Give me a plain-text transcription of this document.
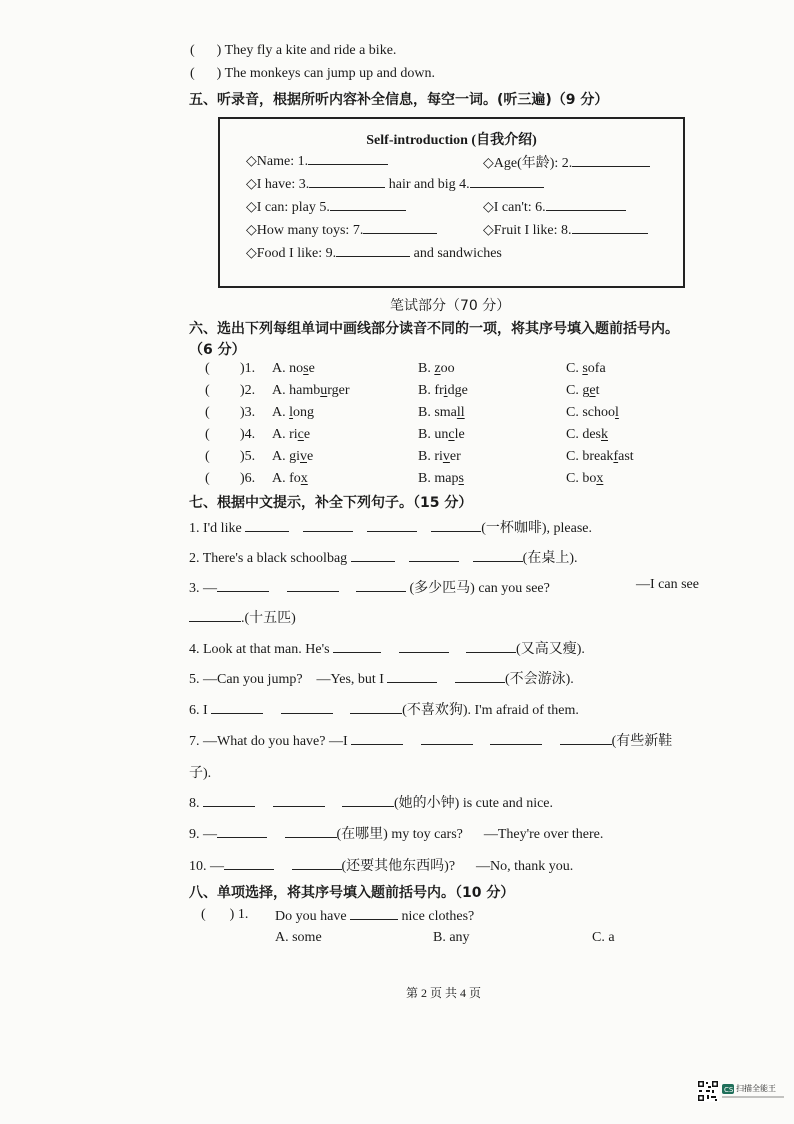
( ) They fly a kite and ride a bike.
( ) The monkeys can jump up and down.
五、听录音，根据所听内容补全信息，每空一词。(听三遍)（9 分）
Self-introduction (自我介绍)
◇Name: 1.	◇Age(年龄): 2.
◇I have: 3.	hair and big 4.
◇I can: play 5.	◇I can't: 6.
◇How many toys: 7.	◇Fruit I like: 8.
◇Food I like: 9.	and sandwiches
笔试部分（70 分）
六、选出下列每组单词中画线部分读音不同的一项，将其序号填入题前括号内。
（6 分）
( )1. A. nose	B. zoo	C. sofa
( )2. A. hamburger	B. fridge	C. get
( )3. A. long	B. small	C. school
( )4. A. rice	B. uncle	C. desk
( )5. A. give	B. river	C. breakfast
( )6. A. fox	B. maps	C. box
七、根据中文提示，补全下列句子。（15 分）
1. I'd like	(一杯咖啡), please.
2. There's a black schoolbag	(在桌上).
3. —	(多少匹马) can you see?	—I can see
.(十五匹)
4. Look at that man. He's	(又高又瘦).
5. —Can you jump? —Yes, but I	(不会游泳).
6. I	(不喜欢狗). I'm afraid of them.
7. —What do you have? —I	(有些新鞋
子).
8.	(她的小钟) is cute and nice.
9. —	(在哪里) my toy cars? —They're over there.
10. —	(还要其他东西吗)? —No, thank you.
八、单项选择，将其序号填入题前括号内。（10 分）
( ) 1. Do you have	nice clothes?
A. some	B. any	C. a
第 2 页 共 4 页
CS 扫描全能王
